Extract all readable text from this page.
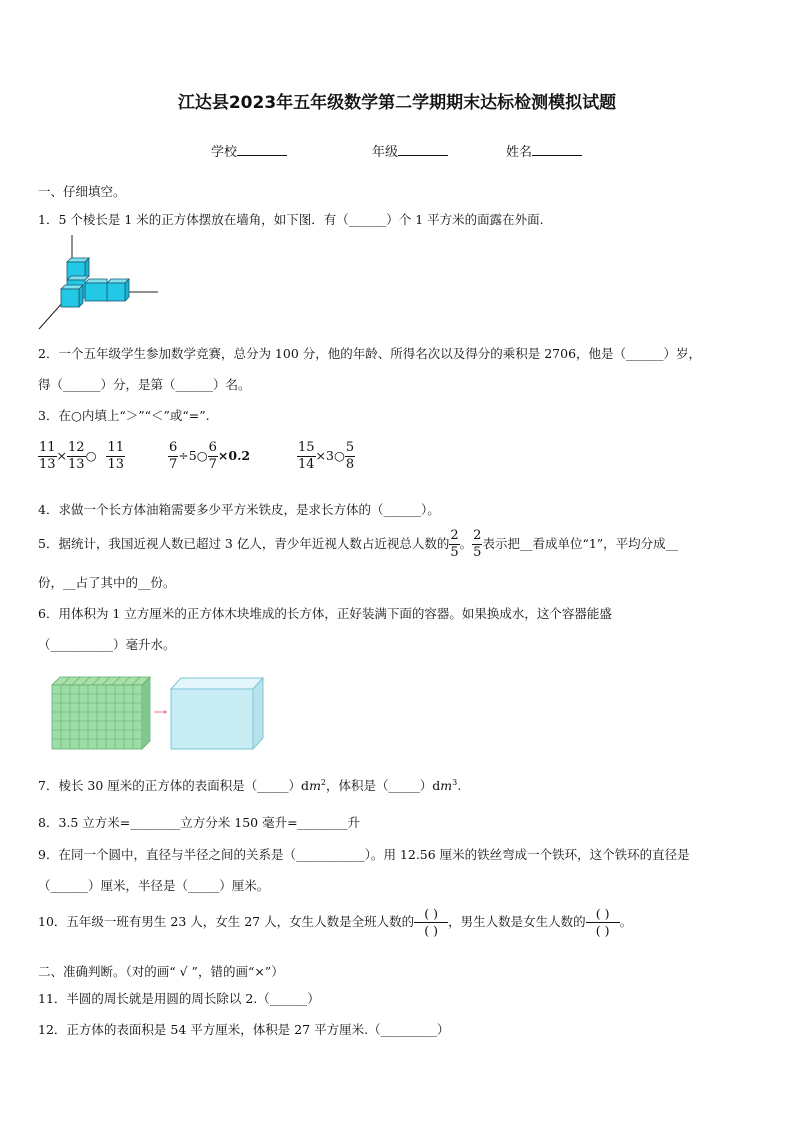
江达县2023年五年级数学第二学期期末达标检测模拟试题
学校	年级	姓名
一、仔细填空。
1．5 个棱长是 1 米的正方体摆放在墙角，如下图．有（______）个 1 平方米的面露在外面.
2．一个五年级学生参加数学竞赛，总分为 100 分，他的年龄、所得名次以及得分的乘积是 2706，他是（______）岁，
得（______）分，是第（______）名。
3．在○内填上“＞”“＜”或“=”.
$\frac{11}{13} \times \frac{12}{13}$ ○ $\frac{11}{13}$	$\frac{6}{7}$ ÷5○ $\frac{6}{7} \times 0.2$	$\frac{15}{14}$ ×3○ $\frac{5}{8}$
4．求做一个长方体油箱需要多少平方米铁皮，是求长方体的（______）。
5．据统计，我国近视人数已超过 3 亿人，青少年近视人数占近视总人数的 $\frac{2}{5}$ 。 $\frac{2}{5}$ 表示把__看成单位“1”，平均分成__
份，__占了其中的__份。
6．用体积为 1 立方厘米的正方体木块堆成的长方体，正好装满下面的容器。如果换成水，这个容器能盛
（__________）毫升水。
7．棱长 30 厘米的正方体的表面积是$(\_\_\_\_\_)dm^2$，体积是$(\_\_\_\_\_)dm^3$.
8．3.5 立方米=________立方分米 150 毫升=________升
9．在同一个圆中，直径与半径之间的关系是（___________）。用 12.56 厘米的铁丝弯成一个铁环，这个铁环的直径是
（______）厘米，半径是（_____）厘米。
10．五年级一班有男生 23 人，女生 27 人，女生人数是全班人数的
( )
( )
，男生人数是女生人数的
( )
( )
。
二、准确判断。（对的画“ √ ”，错的画“×”）
11．半圆的周长就是用圆的周长除以 2.（______）
12．正方体的表面积是 54 平方厘米，体积是 27 平方厘米.（_________）
